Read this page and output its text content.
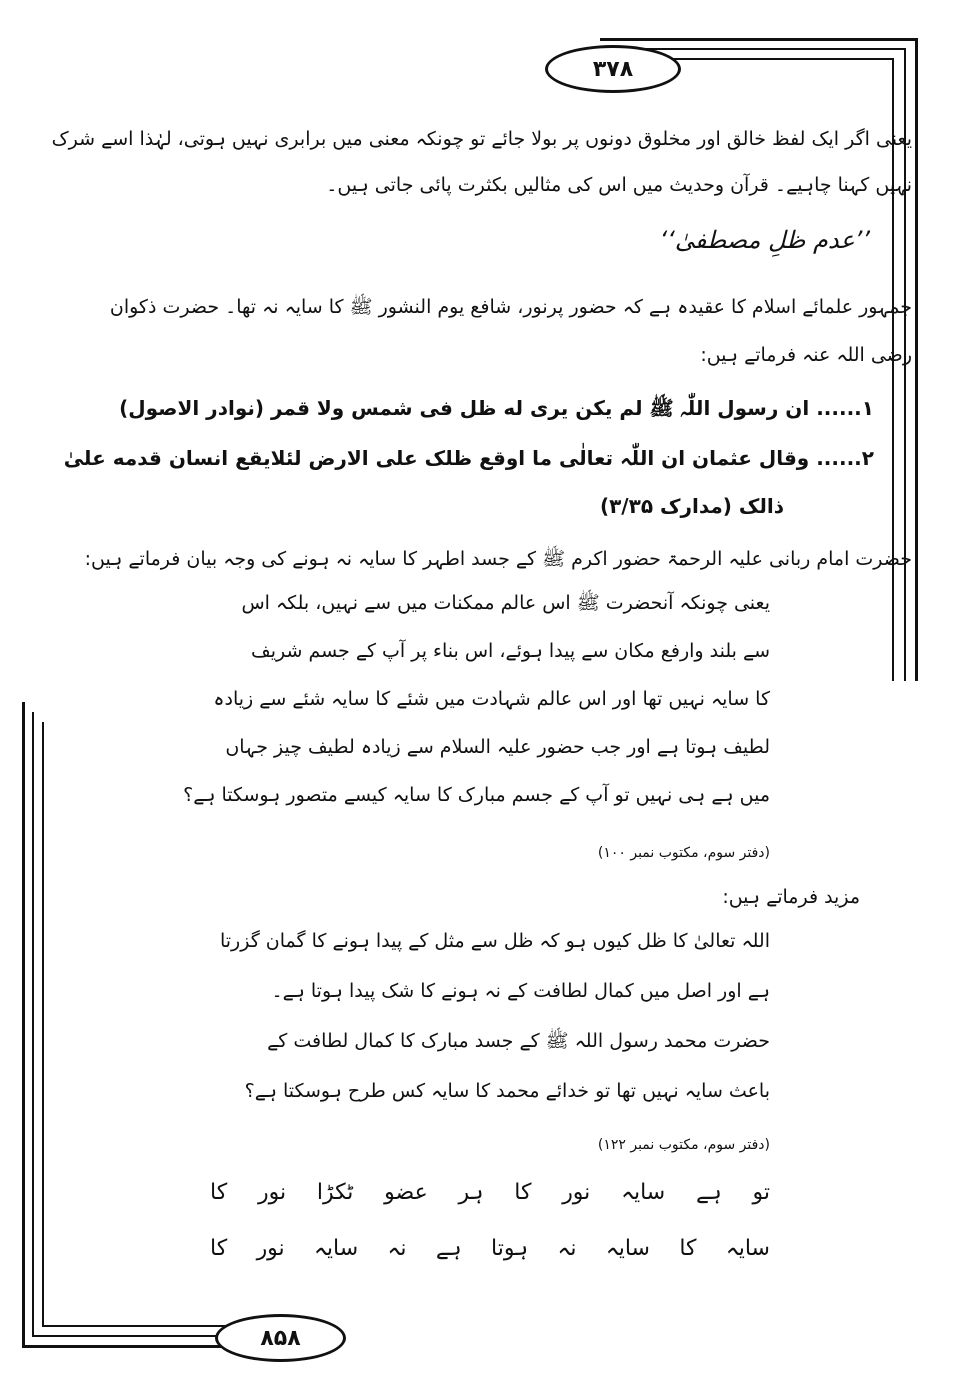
۳۷۸
یعنی اگر ایک لفظ خالق اور مخلوق دونوں پر بولا جائے تو چونکہ معنی میں برابری نہیں ہوتی، لہٰذا اسے شرک
نہیں کہنا چاہیے۔ قرآن وحدیث میں اس کی مثالیں بکثرت پائی جاتی ہیں۔
’’عدم ظلِ مصطفیٰ‘‘
جمہور علمائے اسلام کا عقیدہ ہے کہ حضور پرنور، شافع یوم النشور ﷺ کا سایہ نہ تھا۔ حضرت ذکوان
رضی اللہ عنہ فرماتے ہیں:
۱...... ان رسول اللّٰہ ﷺ لم یکن یری له ظل فی شمس ولا قمر (نوادر الاصول)
۲...... وقال عثمان ان اللّٰہ تعالٰی ما اوقع ظلک علی الارض لئلایقع انسان قدمه علیٰ
ذالک (مدارک ۳/۳۵)
حضرت امام ربانی علیہ الرحمۃ حضور اکرم ﷺ کے جسد اطہر کا سایہ نہ ہونے کی وجہ بیان فرماتے ہیں:
یعنی چونکہ آنحضرت ﷺ اس عالم ممکنات میں سے نہیں، بلکہ اس
سے بلند وارفع مکان سے پیدا ہوئے، اس بناء پر آپ کے جسم شریف
کا سایہ نہیں تھا اور اس عالم شہادت میں شئے کا سایہ شئے سے زیادہ
لطیف ہوتا ہے اور جب حضور علیہ السلام سے زیادہ لطیف چیز جہاں
میں ہے ہی نہیں تو آپ کے جسم مبارک کا سایہ کیسے متصور ہوسکتا ہے؟
(دفتر سوم، مکتوب نمبر ۱۰۰)
مزید فرماتے ہیں:
اللہ تعالیٰ کا ظل کیوں ہو کہ ظل سے مثل کے پیدا ہونے کا گمان گزرتا
ہے اور اصل میں کمال لطافت کے نہ ہونے کا شک پیدا ہوتا ہے۔
حضرت محمد رسول اللہ ﷺ کے جسد مبارک کا کمال لطافت کے
باعث سایہ نہیں تھا تو خدائے محمد کا سایہ کس طرح ہوسکتا ہے؟
(دفتر سوم، مکتوب نمبر ۱۲۲)
تو
ہے
سایہ
نور
کا
ہر
عضو
ٹکڑا
نور
کا
سایہ
کا
سایہ
نہ
ہوتا
ہے
نہ
سایہ
نور
کا
۸۵۸
